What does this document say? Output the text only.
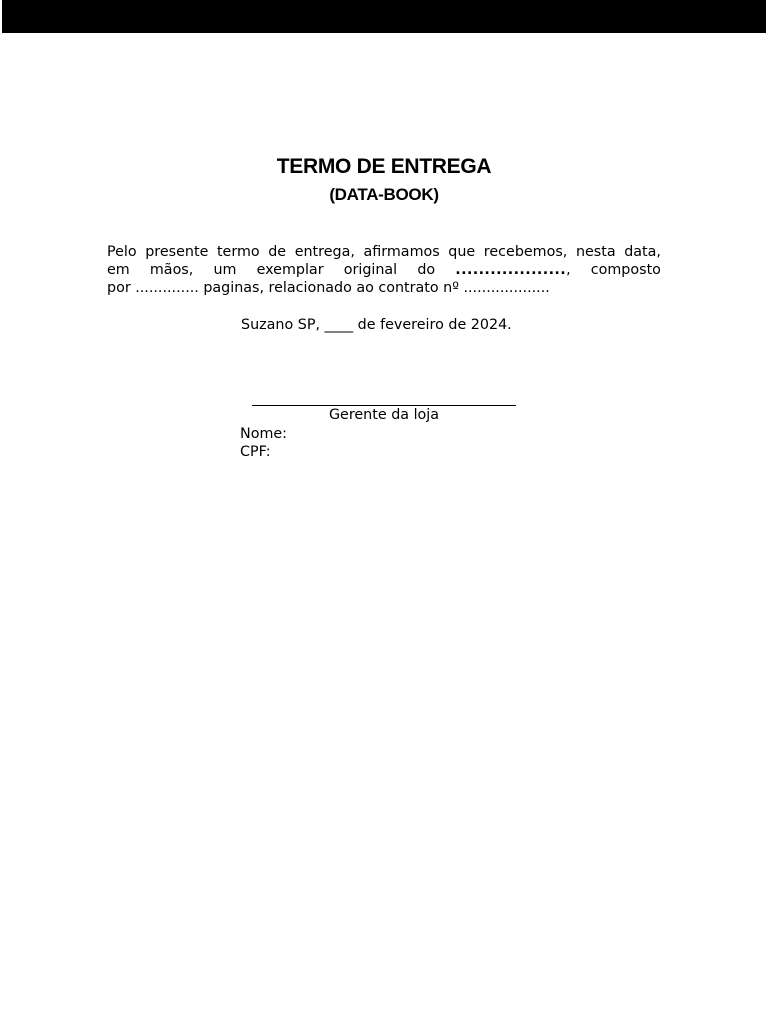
TERMO DE ENTREGA
(DATA-BOOK)
Pelo presente termo de entrega, afirmamos que recebemos, nesta data,
em mãos, um exemplar original do ..................., composto
por .............. paginas, relacionado ao contrato nº ...................

Suzano SP, ____ de fevereiro de 2024.

Gerente da loja

Nome:

CPF:
